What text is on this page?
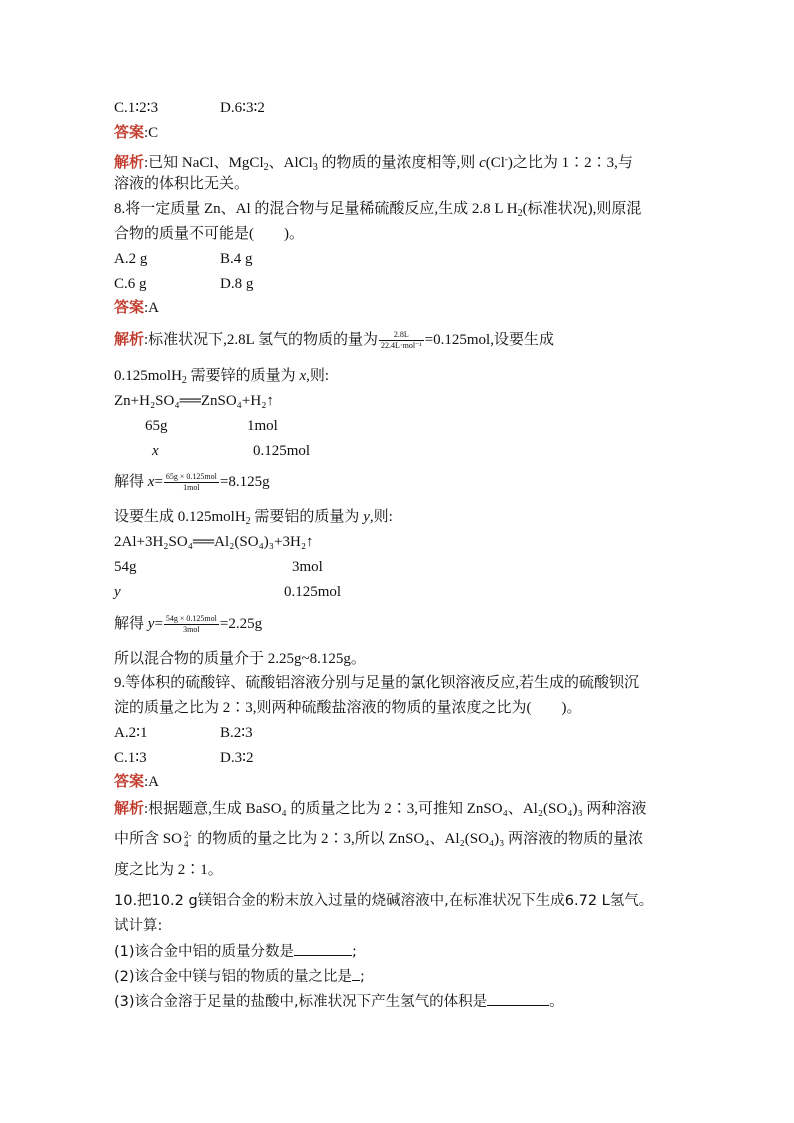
C.1∶2∶3	D.6∶3∶2
答案:C
解析:已知 NaCl、MgCl$_2$、AlCl$_3$ 的物质的量浓度相等,则 c(Cl-)之比为 1∶2∶3,与
溶液的体积比无关。
8.将一定质量 Zn、Al 的混合物与足量稀硫酸反应,生成 2.8 L $H_2$(标准状况),则原混
合物的质量不可能是(　　)。
A.2 g	B.4 g
C.6 g	D.8 g
答案:A
解析:标准状况下,2.8L 氢气的物质的量为 $\frac{2.8L}{\text{22.4L·mol⁻¹}} =0.125mol$,设要生成
0.125molH$_2$ 需要锌的质量为 x,则:
Zn+H₂SO₄══ZnSO₄+H₂↑
65g	1mol
x	0.125mol
解得 $x= \frac{\text{65g × 0.125mol}}{\text{1mol}} =8.125g$
设要生成 0.125molH$_2$ 需要铝的质量为 y,则:
2Al+3H₂SO₄══Al₂(SO₄)₃+3H₂↑
54g	3mol
y	0.125mol
解得 $y= \frac{\text{54g × 0.125mol}}{\text{3mol}} =2.25g$
所以混合物的质量介于 2.25g~8.125g。
9.等体积的硫酸锌、硫酸铝溶液分别与足量的氯化钡溶液反应,若生成的硫酸钡沉
淀的质量之比为 2∶3,则两种硫酸盐溶液的物质的量浓度之比为(　　)。
A.2∶1	B.2∶3
C.1∶3	D.3∶2
答案:A
解析:根据题意,生成 BaSO₄ 的质量之比为 2∶3,可推知 ZnSO₄、Al₂(SO₄)₃ 两种溶液
中所含 SO 2-
4 的物质的量之比为 2∶3,所以 ZnSO₄、Al₂(SO₄)₃ 两溶液的物质的量浓
度之比为 2∶1。
10.把10.2 g镁铝合金的粉末放入过量的烧碱溶液中,在标准状况下生成6.72 L氢气。
试计算:
(1)该合金中铝的质量分数是	;
(2)该合金中镁与铝的物质的量之比是 ;
(3)该合金溶于足量的盐酸中,标准状况下产生氢气的体积是	。
